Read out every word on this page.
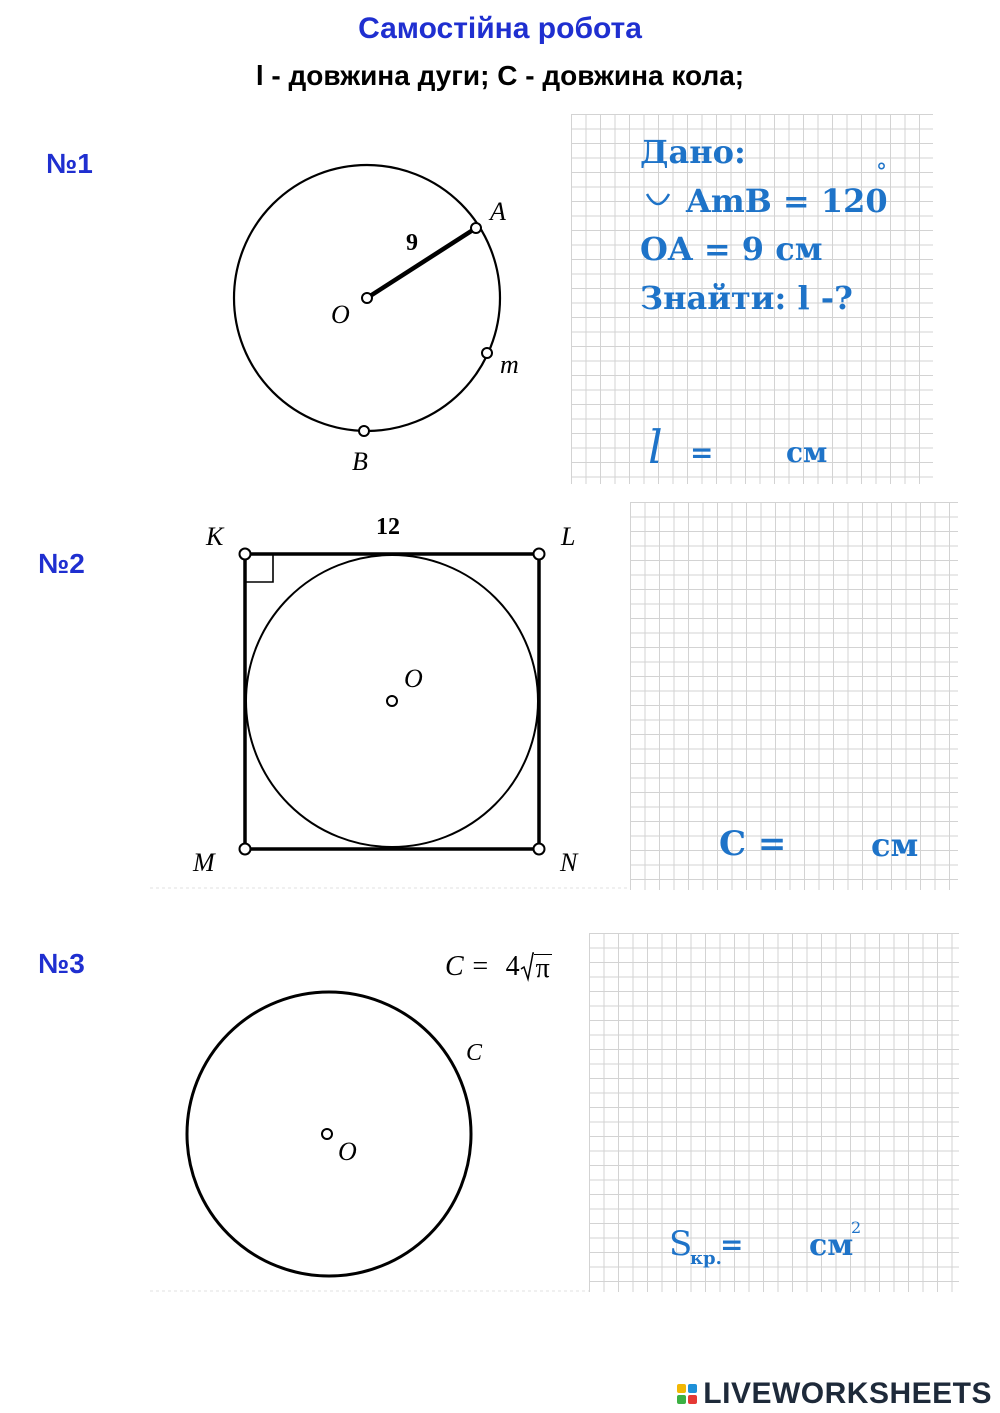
Самостійна робота
l - довжина дуги; С - довжина кола;
№1
9
A
O
m
B
Дано:
AmB = 120
°
OA = 9 см
Знайти: l -?
l =	см
№2
K	12	L
O
M	N	C =	см
№3	C = 4 π
O
C
S
кр.
= см
2
LIVEWORKSHEETS
